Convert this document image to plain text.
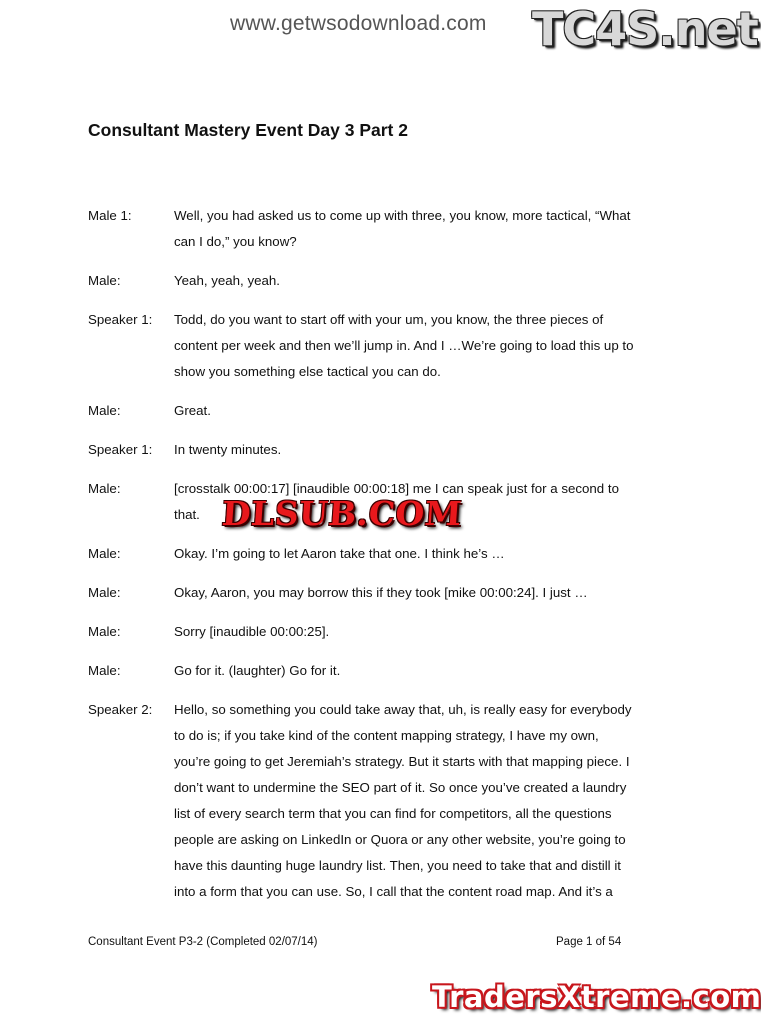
www.getwsodownload.com TC4S.net
Consultant Mastery Event Day 3 Part 2
Male 1:	Well, you had asked us to come up with three, you know, more tactical, “What can I do,” you know?
Male:	Yeah, yeah, yeah.
Speaker 1:	Todd, do you want to start off with your um, you know, the three pieces of content per week and then we’ll jump in. And I …We’re going to load this up to show you something else tactical you can do.
Male:	Great.
Speaker 1:	In twenty minutes.
Male:	[crosstalk 00:00:17] [inaudible 00:00:18] me I can speak just for a second to that.
Male:	Okay. I’m going to let Aaron take that one. I think he’s …
Male:	Okay, Aaron, you may borrow this if they took [mike 00:00:24]. I just …
Male:	Sorry [inaudible 00:00:25].
Male:	Go for it. (laughter) Go for it.
Speaker 2:	Hello, so something you could take away that, uh, is really easy for everybody to do is; if you take kind of the content mapping strategy, I have my own, you’re going to get Jeremiah’s strategy. But it starts with that mapping piece. I don’t want to undermine the SEO part of it. So once you’ve created a laundry list of every search term that you can find for competitors, all the questions people are asking on LinkedIn or Quora or any other website, you’re going to have this daunting huge laundry list. Then, you need to take that and distill it into a form that you can use. So, I call that the content road map. And it’s a
DLSUB.COM
Consultant Event P3-2 (Completed 02/07/14)	Page 1 of 54
TradersXtreme.com
